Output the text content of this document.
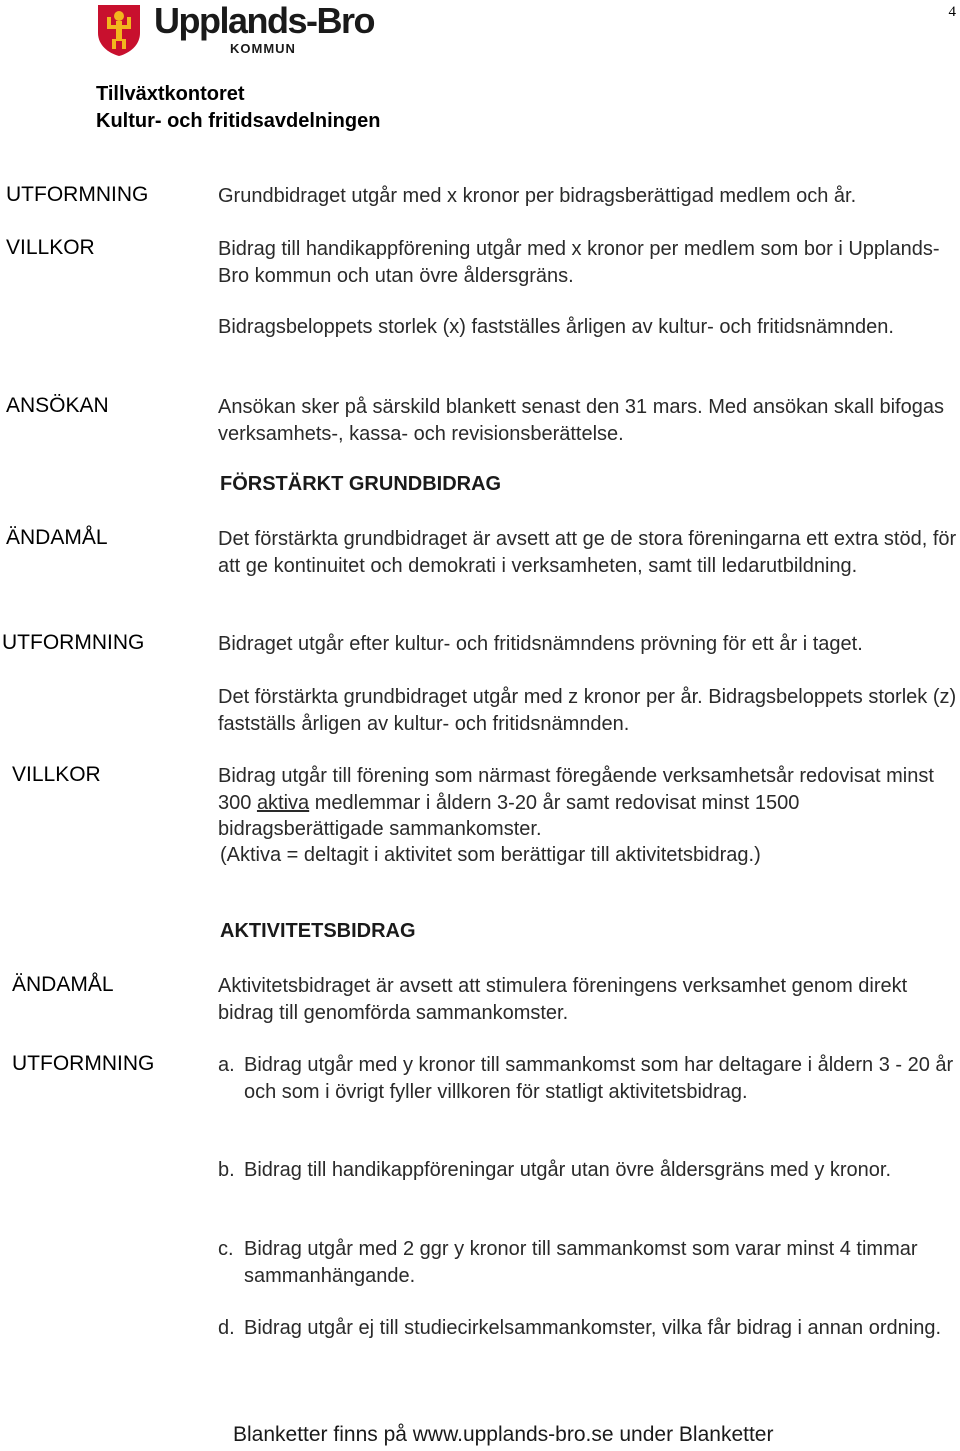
4
Upplands-Bro
KOMMUN
Tillväxtkontoret
Kultur- och fritidsavdelningen
UTFORMNING	Grundbidraget utgår med x kronor per bidragsberättigad medlem och år.
VILLKOR	Bidrag till handikappförening utgår med x kronor per medlem som bor i Upplands-Bro kommun och utan övre åldersgräns.
Bidragsbeloppets storlek (x) fastställes årligen av kultur- och fritidsnämnden.
ANSÖKAN	Ansökan sker på särskild blankett senast den 31 mars. Med ansökan skall bifogas verksamhets-, kassa- och revisionsberättelse.
FÖRSTÄRKT GRUNDBIDRAG
ÄNDAMÅL	Det förstärkta grundbidraget är avsett att ge de stora föreningarna ett extra stöd, för att ge kontinuitet och demokrati i verksamheten, samt till ledarutbildning.
UTFORMNING	Bidraget utgår efter kultur- och fritidsnämndens prövning för ett år i taget.
Det förstärkta grundbidraget utgår med z kronor per år. Bidragsbeloppets storlek (z) fastställs årligen av kultur- och fritidsnämnden.
VILLKOR	Bidrag utgår till förening som närmast föregående verksamhetsår redovisat minst 300 aktiva medlemmar i åldern 3-20 år samt redovisat minst 1500 bidragsberättigade sammankomster.
(Aktiva = deltagit i aktivitet som berättigar till aktivitetsbidrag.)
AKTIVITETSBIDRAG
ÄNDAMÅL	Aktivitetsbidraget är avsett att stimulera föreningens verksamhet genom direkt bidrag till genomförda sammankomster.
UTFORMNING	a. Bidrag utgår med y kronor till sammankomst som har deltagare i åldern 3 - 20 år och som i övrigt fyller villkoren för statligt aktivitetsbidrag.
b. Bidrag till handikappföreningar utgår utan övre åldersgräns med y kronor.
c. Bidrag utgår med 2 ggr y kronor till sammankomst som varar minst 4 timmar sammanhängande.
d. Bidrag utgår ej till studiecirkelsammankomster, vilka får bidrag i annan ordning.
Blanketter finns på www.upplands-bro.se under Blanketter
